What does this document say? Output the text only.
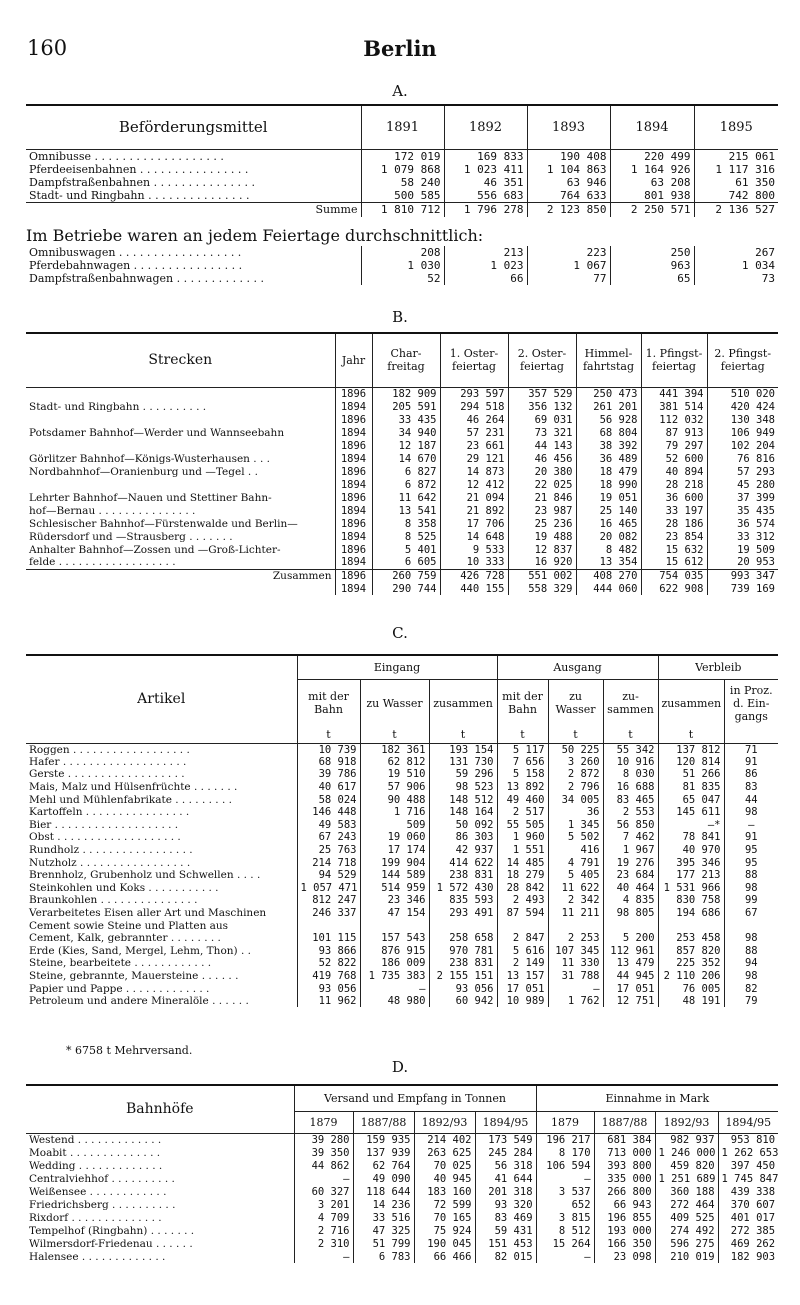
160	Berlin
A.
Beförderungsmittel	1891	1892	1893	1894	1895
Omnibusse . . . . . . . . . . . . . . . . . . .	172 019	169 833	190 408	220 499	215 061
Pferdeeisenbahnen . . . . . . . . . . . . . . . .	1 079 868	1 023 411	1 104 863	1 164 926	1 117 316
Dampfstraßenbahnen . . . . . . . . . . . . . . .	58 240	46 351	63 946	63 208	61 350
Stadt- und Ringbahn . . . . . . . . . . . . . . .	500 585	556 683	764 633	801 938	742 800
Summe	1 810 712	1 796 278	2 123 850	2 250 571	2 136 527
Im Betriebe waren an jedem Feiertage durchschnittlich:
Omnibuswagen . . . . . . . . . . . . . . . . . .	208	213	223	250	267
Pferdebahnwagen . . . . . . . . . . . . . . . .	1 030	1 023	1 067	963	1 034
Dampfstraßenbahnwagen . . . . . . . . . . . . .	52	66	77	65	73
B.
Strecken	Jahr	Char-freitag	1. Oster-feiertag	2. Oster-feiertag	Himmel-fahrtstag	1. Pfingst-feiertag	2. Pfingst-feiertag
	1896	182 909	293 597	357 529	250 473	441 394	510 020
Stadt- und Ringbahn . . . . . . . . . .	1894	205 591	294 518	356 132	261 201	381 514	420 424
	1896	33 435	46 264	69 031	56 928	112 032	130 348
Potsdamer Bahnhof—Werder und Wannseebahn	1894	34 940	57 231	73 321	68 804	87 913	106 949
	1896	12 187	23 661	44 143	38 392	79 297	102 204
Görlitzer Bahnhof—Königs-Wusterhausen . . .	1894	14 670	29 121	46 456	36 489	52 600	76 816
Nordbahnhof—Oranienburg und —Tegel . .	1896	6 827	14 873	20 380	18 479	40 894	57 293
	1894	6 872	12 412	22 025	18 990	28 218	45 280
Lehrter Bahnhof—Nauen und Stettiner Bahn-	1896	11 642	21 094	21 846	19 051	36 600	37 399
hof—Bernau . . . . . . . . . . . . . . .	1894	13 541	21 892	23 987	25 140	33 197	35 435
Schlesischer Bahnhof—Fürstenwalde und Berlin—	1896	8 358	17 706	25 236	16 465	28 186	36 574
Rüdersdorf und —Strausberg . . . . . . .	1894	8 525	14 648	19 488	20 082	23 854	33 312
Anhalter Bahnhof—Zossen und —Groß-Lichter-	1896	5 401	9 533	12 837	8 482	15 632	19 509
felde . . . . . . . . . . . . . . . . . .	1894	6 605	10 333	16 920	13 354	15 612	20 953
Zusammen	1896	260 759	426 728	551 002	408 270	754 035	993 347
	1894	290 744	440 155	558 329	444 060	622 908	739 169
C.
Artikel	Eingang			Ausgang			Verbleib	
	mit der Bahn	zu Wasser	zusammen	mit der Bahn	zu Wasser	zu-sammen	zusammen	in Proz. d. Ein-gangs
	t	t	t	t	t	t	t	
Roggen . . . . . . . . . . . . . . . . . .	10 739	182 361	193 154	5 117	50 225	55 342	137 812	71
Hafer . . . . . . . . . . . . . . . . . . .	68 918	62 812	131 730	7 656	3 260	10 916	120 814	91
Gerste . . . . . . . . . . . . . . . . . .	39 786	19 510	59 296	5 158	2 872	8 030	51 266	86
Mais, Malz und Hülsenfrüchte . . . . . . .	40 617	57 906	98 523	13 892	2 796	16 688	81 835	83
Mehl und Mühlenfabrikate . . . . . . . . .	58 024	90 488	148 512	49 460	34 005	83 465	65 047	44
Kartoffeln . . . . . . . . . . . . . . . .	146 448	1 716	148 164	2 517	36	2 553	145 611	98
Bier . . . . . . . . . . . . . . . . . . .	49 583	509	50 092	55 505	1 345	56 850	—*	—
Obst . . . . . . . . . . . . . . . . . . .	67 243	19 060	86 303	1 960	5 502	7 462	78 841	91
Rundholz . . . . . . . . . . . . . . . . .	25 763	17 174	42 937	1 551	416	1 967	40 970	95
Nutzholz . . . . . . . . . . . . . . . . .	214 718	199 904	414 622	14 485	4 791	19 276	395 346	95
Brennholz, Grubenholz und Schwellen . . . .	94 529	144 589	238 831	18 279	5 405	23 684	177 213	88
Steinkohlen und Koks . . . . . . . . . . .	1 057 471	514 959	1 572 430	28 842	11 622	40 464	1 531 966	98
Braunkohlen . . . . . . . . . . . . . . .	812 247	23 346	835 593	2 493	2 342	4 835	830 758	99
Verarbeitetes Eisen aller Art und Maschinen	246 337	47 154	293 491	87 594	11 211	98 805	194 686	67
Cement sowie Steine und Platten aus								
Cement, Kalk, gebrannter . . . . . . . .	101 115	157 543	258 658	2 847	2 253	5 200	253 458	98
Erde (Kies, Sand, Mergel, Lehm, Thon) . .	93 866	876 915	970 781	5 616	107 345	112 961	857 820	88
Steine, bearbeitete . . . . . . . . . . . .	52 822	186 009	238 831	2 149	11 330	13 479	225 352	94
Steine, gebrannte, Mauersteine . . . . . .	419 768	1 735 383	2 155 151	13 157	31 788	44 945	2 110 206	98
Papier und Pappe . . . . . . . . . . . . .	93 056	—	93 056	17 051	—	17 051	76 005	82
Petroleum und andere Mineralöle . . . . . .	11 962	48 980	60 942	10 989	1 762	12 751	48 191	79
* 6758 t Mehrversand.
D.
Bahnhöfe	Versand und Empfang in Tonnen				Einnahme in Mark			
	1879	1887/88	1892/93	1894/95	1879	1887/88	1892/93	1894/95
Westend . . . . . . . . . . . . .	39 280	159 935	214 402	173 549	196 217	681 384	982 937	953 810
Moabit . . . . . . . . . . . . . .	39 350	137 939	263 625	245 284	8 170	713 000	1 246 000	1 262 653
Wedding . . . . . . . . . . . . .	44 862	62 764	70 025	56 318	106 594	393 800	459 820	397 450
Centralviehhof . . . . . . . . . .	—	49 090	40 945	41 644	—	335 000	1 251 689	1 745 847
Weißensee . . . . . . . . . . . .	60 327	118 644	183 160	201 318	3 537	266 800	360 188	439 338
Friedrichsberg . . . . . . . . . .	3 201	14 236	72 599	93 320	652	66 943	272 464	370 607
Rixdorf . . . . . . . . . . . . . .	4 709	33 516	70 165	83 469	3 815	196 855	409 525	401 017
Tempelhof (Ringbahn) . . . . . . .	2 716	47 325	75 924	59 431	8 512	193 000	274 492	272 385
Wilmersdorf-Friedenau . . . . . .	2 310	51 799	190 045	151 453	15 264	166 350	596 275	469 262
Halensee . . . . . . . . . . . . .	—	6 783	66 466	82 015	—	23 098	210 019	182 903
